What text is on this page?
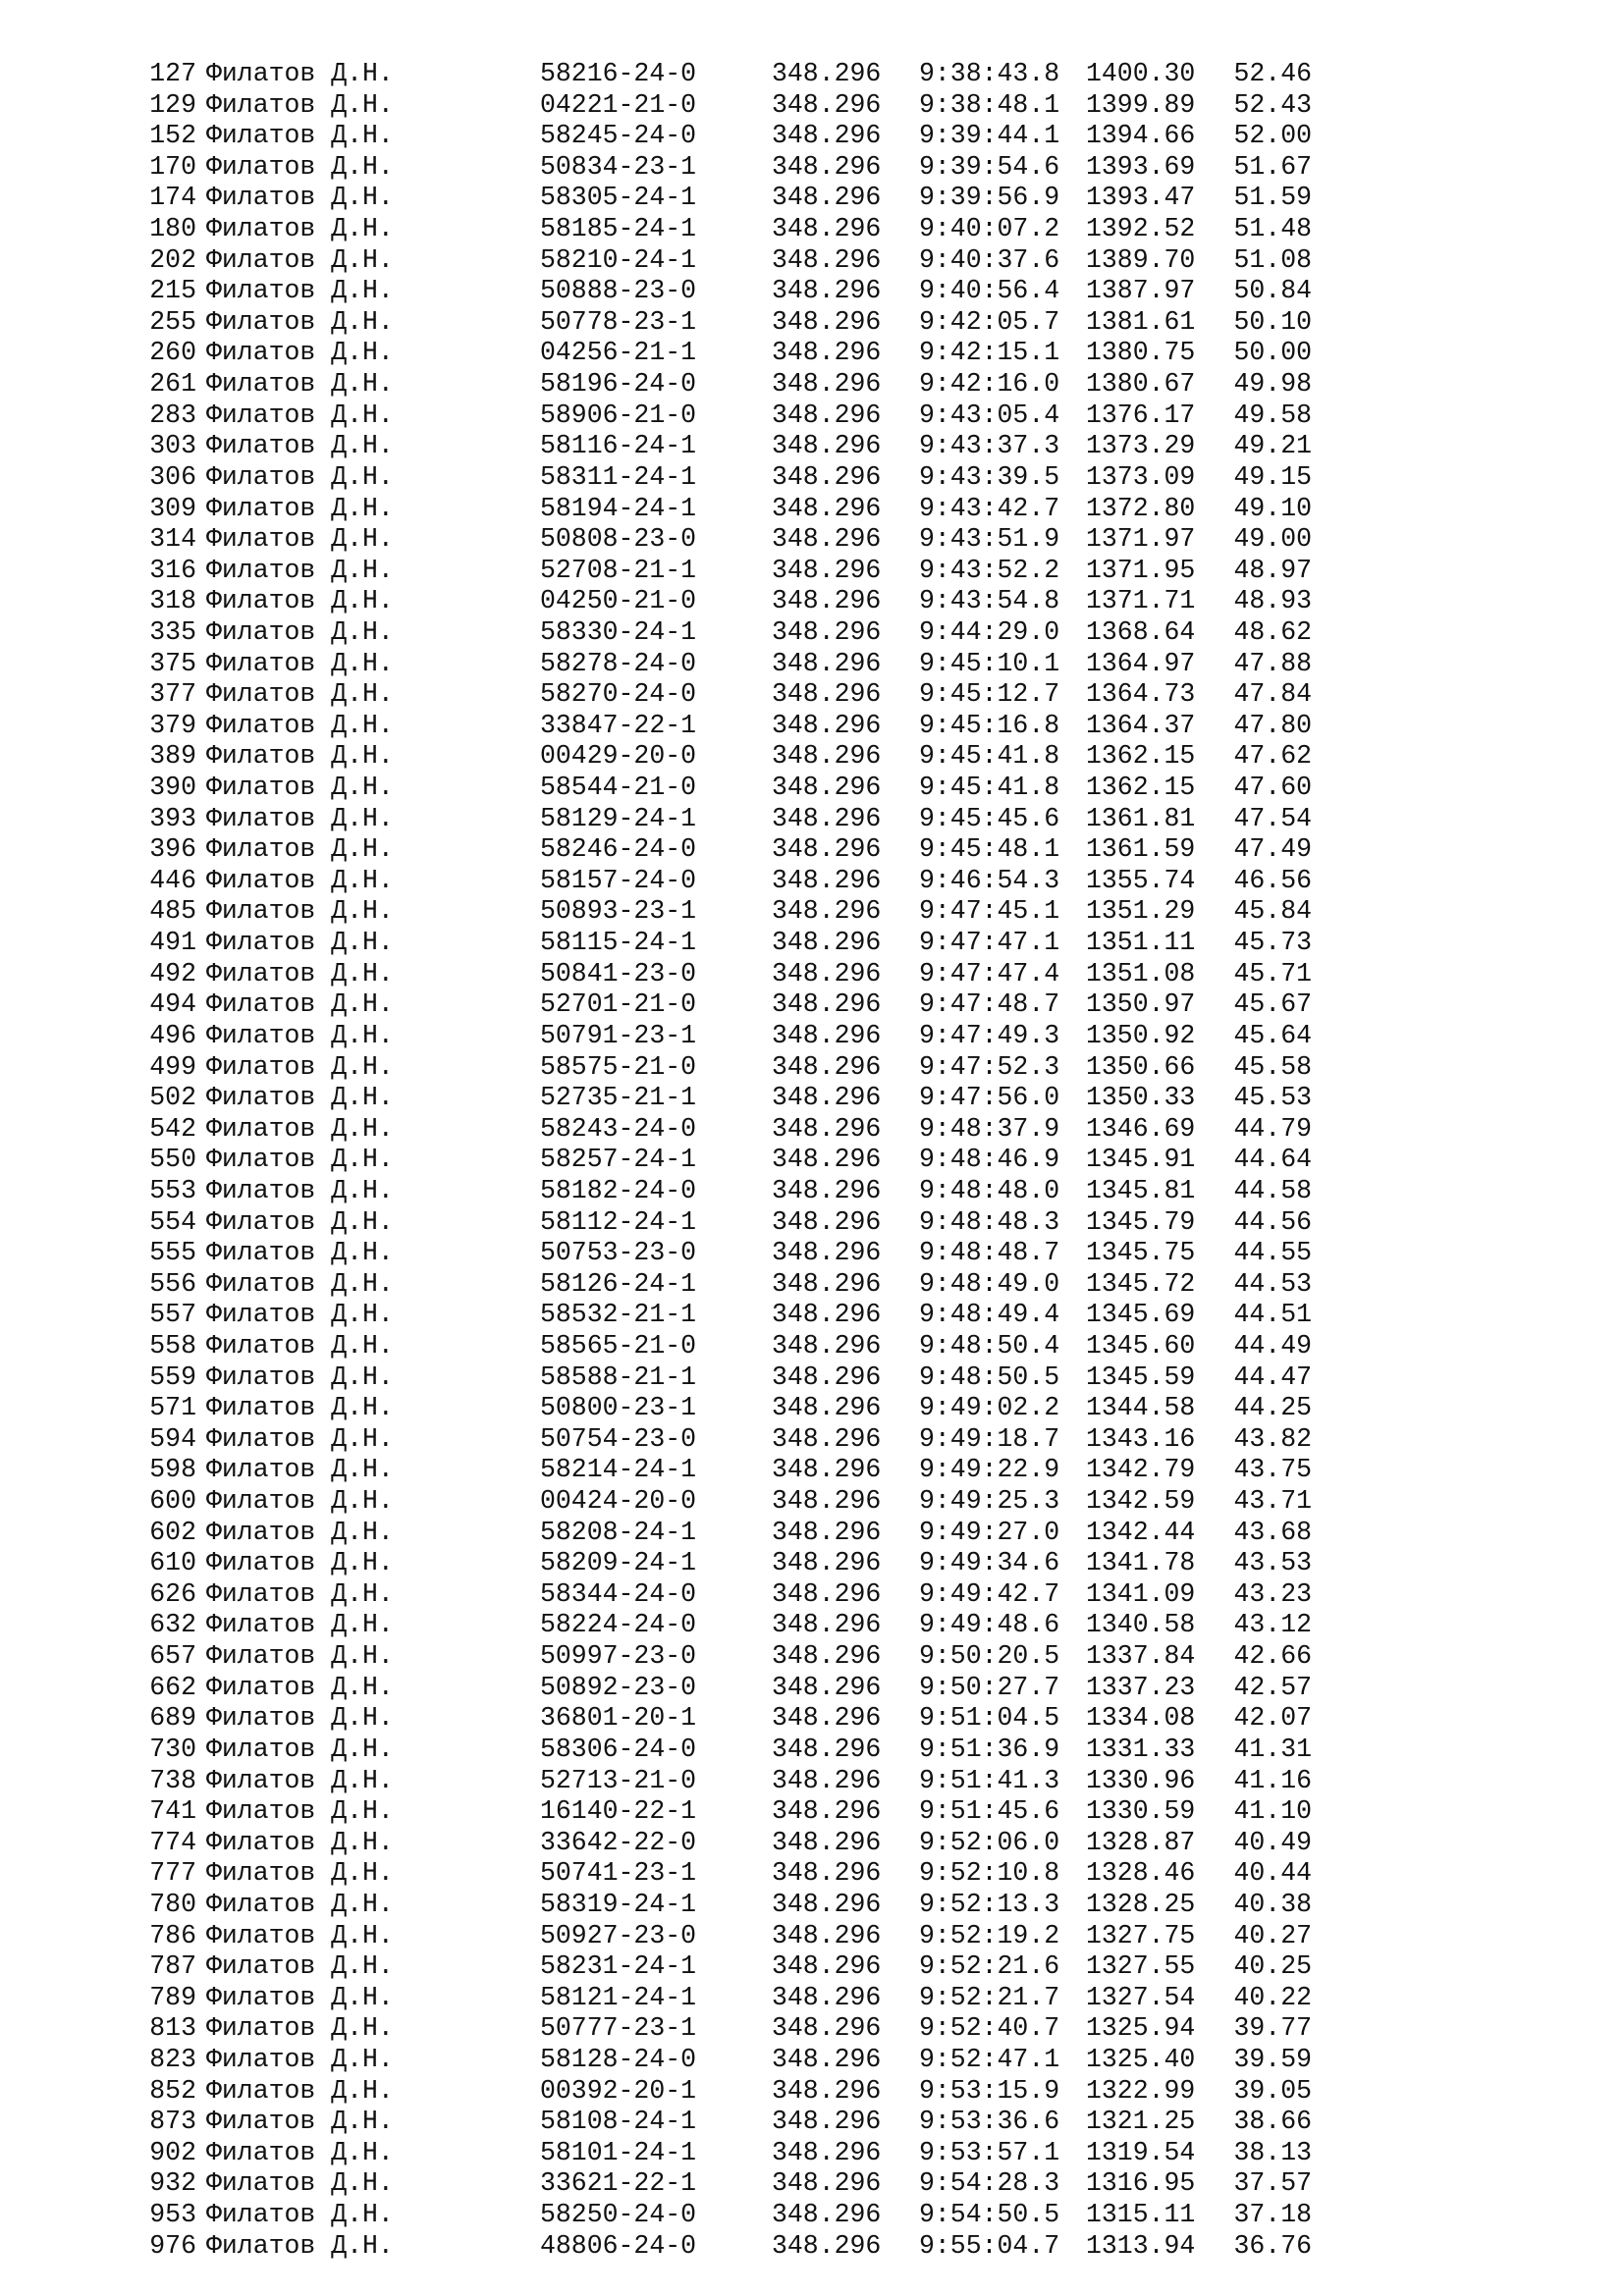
127 Филатов Д.Н.	58216-24-0	348.296 9:38:43.8 1400.30	52.46
129 Филатов Д.Н.	04221-21-0	348.296 9:38:48.1 1399.89	52.43
152 Филатов Д.Н.	58245-24-0	348.296 9:39:44.1 1394.66	52.00
170 Филатов Д.Н.	50834-23-1	348.296 9:39:54.6 1393.69	51.67
174 Филатов Д.Н.	58305-24-1	348.296 9:39:56.9 1393.47	51.59
180 Филатов Д.Н.	58185-24-1	348.296 9:40:07.2 1392.52	51.48
202 Филатов Д.Н.	58210-24-1	348.296 9:40:37.6 1389.70	51.08
215 Филатов Д.Н.	50888-23-0	348.296 9:40:56.4 1387.97	50.84
255 Филатов Д.Н.	50778-23-1	348.296 9:42:05.7 1381.61	50.10
260 Филатов Д.Н.	04256-21-1	348.296 9:42:15.1 1380.75	50.00
261 Филатов Д.Н.	58196-24-0	348.296 9:42:16.0 1380.67	49.98
283 Филатов Д.Н.	58906-21-0	348.296 9:43:05.4 1376.17	49.58
303 Филатов Д.Н.	58116-24-1	348.296 9:43:37.3 1373.29	49.21
306 Филатов Д.Н.	58311-24-1	348.296 9:43:39.5 1373.09	49.15
309 Филатов Д.Н.	58194-24-1	348.296 9:43:42.7 1372.80	49.10
314 Филатов Д.Н.	50808-23-0	348.296 9:43:51.9 1371.97	49.00
316 Филатов Д.Н.	52708-21-1	348.296 9:43:52.2 1371.95	48.97
318 Филатов Д.Н.	04250-21-0	348.296 9:43:54.8 1371.71	48.93
335 Филатов Д.Н.	58330-24-1	348.296 9:44:29.0 1368.64	48.62
375 Филатов Д.Н.	58278-24-0	348.296 9:45:10.1 1364.97	47.88
377 Филатов Д.Н.	58270-24-0	348.296 9:45:12.7 1364.73	47.84
379 Филатов Д.Н.	33847-22-1	348.296 9:45:16.8 1364.37	47.80
389 Филатов Д.Н.	00429-20-0	348.296 9:45:41.8 1362.15	47.62
390 Филатов Д.Н.	58544-21-0	348.296 9:45:41.8 1362.15	47.60
393 Филатов Д.Н.	58129-24-1	348.296 9:45:45.6 1361.81	47.54
396 Филатов Д.Н.	58246-24-0	348.296 9:45:48.1 1361.59	47.49
446 Филатов Д.Н.	58157-24-0	348.296 9:46:54.3 1355.74	46.56
485 Филатов Д.Н.	50893-23-1	348.296 9:47:45.1 1351.29	45.84
491 Филатов Д.Н.	58115-24-1	348.296 9:47:47.1 1351.11	45.73
492 Филатов Д.Н.	50841-23-0	348.296 9:47:47.4 1351.08	45.71
494 Филатов Д.Н.	52701-21-0	348.296 9:47:48.7 1350.97	45.67
496 Филатов Д.Н.	50791-23-1	348.296 9:47:49.3 1350.92	45.64
499 Филатов Д.Н.	58575-21-0	348.296 9:47:52.3 1350.66	45.58
502 Филатов Д.Н.	52735-21-1	348.296 9:47:56.0 1350.33	45.53
542 Филатов Д.Н.	58243-24-0	348.296 9:48:37.9 1346.69	44.79
550 Филатов Д.Н.	58257-24-1	348.296 9:48:46.9 1345.91	44.64
553 Филатов Д.Н.	58182-24-0	348.296 9:48:48.0 1345.81	44.58
554 Филатов Д.Н.	58112-24-1	348.296 9:48:48.3 1345.79	44.56
555 Филатов Д.Н.	50753-23-0	348.296 9:48:48.7 1345.75	44.55
556 Филатов Д.Н.	58126-24-1	348.296 9:48:49.0 1345.72	44.53
557 Филатов Д.Н.	58532-21-1	348.296 9:48:49.4 1345.69	44.51
558 Филатов Д.Н.	58565-21-0	348.296 9:48:50.4 1345.60	44.49
559 Филатов Д.Н.	58588-21-1	348.296 9:48:50.5 1345.59	44.47
571 Филатов Д.Н.	50800-23-1	348.296 9:49:02.2 1344.58	44.25
594 Филатов Д.Н.	50754-23-0	348.296 9:49:18.7 1343.16	43.82
598 Филатов Д.Н.	58214-24-1	348.296 9:49:22.9 1342.79	43.75
600 Филатов Д.Н.	00424-20-0	348.296 9:49:25.3 1342.59	43.71
602 Филатов Д.Н.	58208-24-1	348.296 9:49:27.0 1342.44	43.68
610 Филатов Д.Н.	58209-24-1	348.296 9:49:34.6 1341.78	43.53
626 Филатов Д.Н.	58344-24-0	348.296 9:49:42.7 1341.09	43.23
632 Филатов Д.Н.	58224-24-0	348.296 9:49:48.6 1340.58	43.12
657 Филатов Д.Н.	50997-23-0	348.296 9:50:20.5 1337.84	42.66
662 Филатов Д.Н.	50892-23-0	348.296 9:50:27.7 1337.23	42.57
689 Филатов Д.Н.	36801-20-1	348.296 9:51:04.5 1334.08	42.07
730 Филатов Д.Н.	58306-24-0	348.296 9:51:36.9 1331.33	41.31
738 Филатов Д.Н.	52713-21-0	348.296 9:51:41.3 1330.96	41.16
741 Филатов Д.Н.	16140-22-1	348.296 9:51:45.6 1330.59	41.10
774 Филатов Д.Н.	33642-22-0	348.296 9:52:06.0 1328.87	40.49
777 Филатов Д.Н.	50741-23-1	348.296 9:52:10.8 1328.46	40.44
780 Филатов Д.Н.	58319-24-1	348.296 9:52:13.3 1328.25	40.38
786 Филатов Д.Н.	50927-23-0	348.296 9:52:19.2 1327.75	40.27
787 Филатов Д.Н.	58231-24-1	348.296 9:52:21.6 1327.55	40.25
789 Филатов Д.Н.	58121-24-1	348.296 9:52:21.7 1327.54	40.22
813 Филатов Д.Н.	50777-23-1	348.296 9:52:40.7 1325.94	39.77
823 Филатов Д.Н.	58128-24-0	348.296 9:52:47.1 1325.40	39.59
852 Филатов Д.Н.	00392-20-1	348.296 9:53:15.9 1322.99	39.05
873 Филатов Д.Н.	58108-24-1	348.296 9:53:36.6 1321.25	38.66
902 Филатов Д.Н.	58101-24-1	348.296 9:53:57.1 1319.54	38.13
932 Филатов Д.Н.	33621-22-1	348.296 9:54:28.3 1316.95	37.57
953 Филатов Д.Н.	58250-24-0	348.296 9:54:50.5 1315.11	37.18
976 Филатов Д.Н.	48806-24-0	348.296 9:55:04.7 1313.94	36.76
